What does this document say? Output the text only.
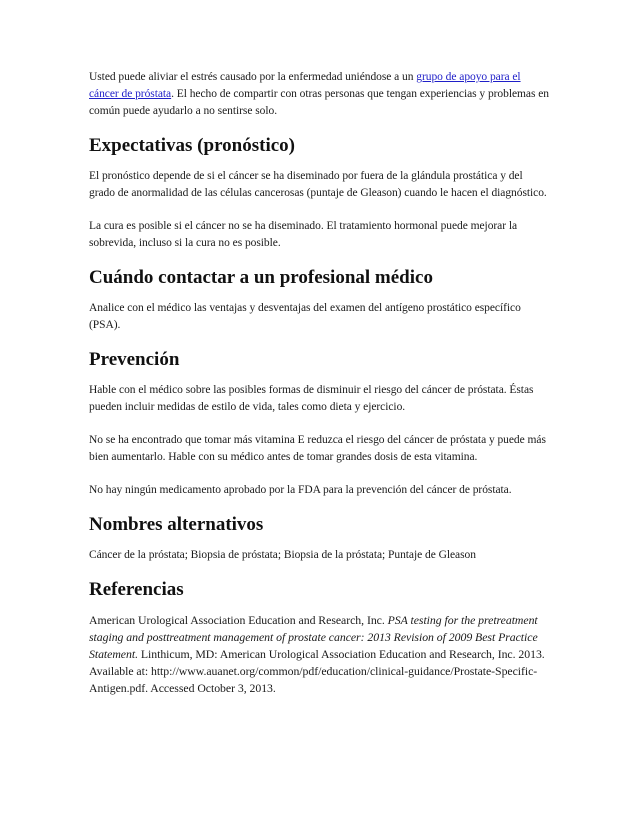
Usted puede aliviar el estrés causado por la enfermedad uniéndose a un grupo de apoyo para el cáncer de próstata. El hecho de compartir con otras personas que tengan experiencias y problemas en común puede ayudarlo a no sentirse solo.

Expectativas (pronóstico)

El pronóstico depende de si el cáncer se ha diseminado por fuera de la glándula prostática y del grado de anormalidad de las células cancerosas (puntaje de Gleason) cuando le hacen el diagnóstico.

La cura es posible si el cáncer no se ha diseminado. El tratamiento hormonal puede mejorar la sobrevida, incluso si la cura no es posible.

Cuándo contactar a un profesional médico

Analice con el médico las ventajas y desventajas del examen del antígeno prostático específico (PSA).

Prevención

Hable con el médico sobre las posibles formas de disminuir el riesgo del cáncer de próstata. Éstas pueden incluir medidas de estilo de vida, tales como dieta y ejercicio.

No se ha encontrado que tomar más vitamina E reduzca el riesgo del cáncer de próstata y puede más bien aumentarlo. Hable con su médico antes de tomar grandes dosis de esta vitamina.

No hay ningún medicamento aprobado por la FDA para la prevención del cáncer de próstata.

Nombres alternativos

Cáncer de la próstata; Biopsia de próstata; Biopsia de la próstata; Puntaje de Gleason

Referencias

American Urological Association Education and Research, Inc. PSA testing for the pretreatment staging and posttreatment management of prostate cancer: 2013 Revision of 2009 Best Practice Statement. Linthicum, MD: American Urological Association Education and Research, Inc. 2013. Available at: http://www.auanet.org/common/pdf/education/clinical-guidance/Prostate-Specific-Antigen.pdf. Accessed October 3, 2013.
